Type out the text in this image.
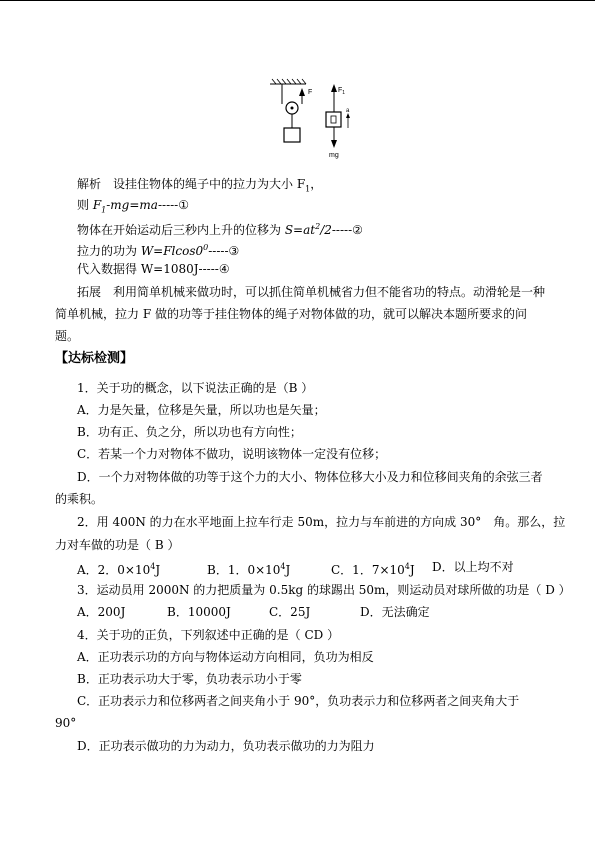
F	$F_1$
a
mg
解析　设挂住物体的绳子中的拉力为大小 $F_1$，
则 $F_1-mg=ma-----①$
物体在开始运动后三秒内上升的位移为 $S=at^2/2-----②$
拉力的功为 $W=Flcos0^0-----③$
代入数据得 W=1080J-----④
拓展　利用简单机械来做功时，可以抓住简单机械省力但不能省功的特点。动滑轮是一种
简单机械，拉力 F 做的功等于挂住物体的绳子对物体做的功，就可以解决本题所要求的问
题。
【达标检测】
1．关于功的概念，以下说法正确的是（B ）
A．力是矢量，位移是矢量，所以功也是矢量；
B．功有正、负之分，所以功也有方向性；
C．若某一个力对物体不做功，说明该物体一定没有位移；
D．一个力对物体做的功等于这个力的大小、物体位移大小及力和位移间夹角的余弦三者
的乘积。
2．用 400N 的力在水平地面上拉车行走 50m，拉力与车前进的方向成 30°　角。那么，拉
力对车做的功是（ B ）
A．2．$0\times 10^4J$	B．1．$0\times 10^4J$	C．1．$7\times 10^4J$ D．以上均不对
3．运动员用 2000N 的力把质量为 0.5kg 的球踢出 50m，则运动员对球所做的功是（ D ）
A．200J	B．10000J	C．25J	D．无法确定
4．关于功的正负，下列叙述中正确的是（ CD ）
A．正功表示功的方向与物体运动方向相同，负功为相反
B．正功表示功大于零，负功表示功小于零
C．正功表示力和位移两者之间夹角小于 90°，负功表示力和位移两者之间夹角大于
90°
D．正功表示做功的力为动力，负功表示做功的力为阻力
